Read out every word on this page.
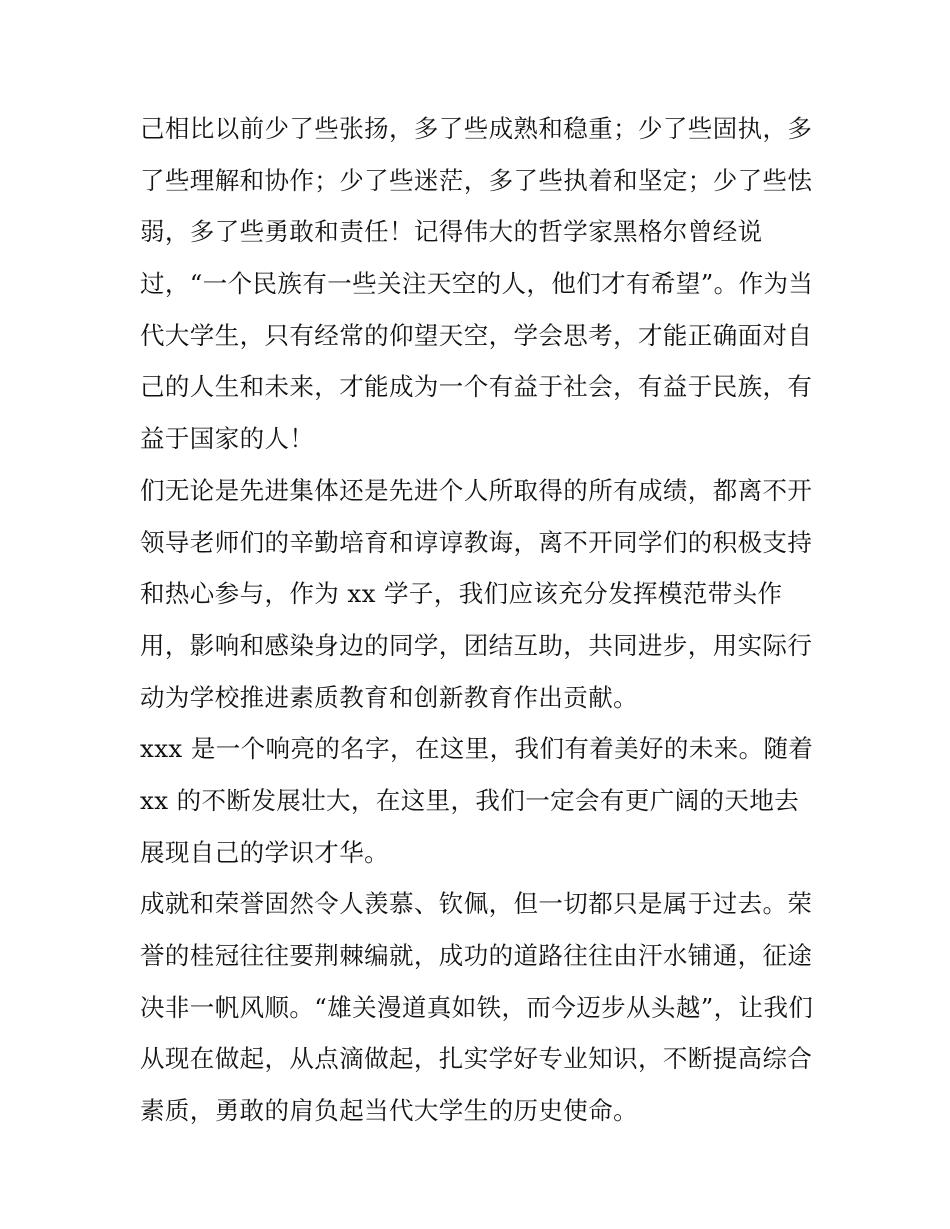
己相比以前少了些张扬，多了些成熟和稳重；少了些固执，多
了些理解和协作；少了些迷茫，多了些执着和坚定；少了些怯
弱，多了些勇敢和责任！记得伟大的哲学家黑格尔曾经说
过，“一个民族有一些关注天空的人，他们才有希望”。作为当
代大学生，只有经常的仰望天空，学会思考，才能正确面对自
己的人生和未来，才能成为一个有益于社会，有益于民族，有
益于国家的人！
们无论是先进集体还是先进个人所取得的所有成绩，都离不开
领导老师们的辛勤培育和谆谆教诲，离不开同学们的积极支持
和热心参与，作为 xx 学子，我们应该充分发挥模范带头作
用，影响和感染身边的同学，团结互助，共同进步，用实际行
动为学校推进素质教育和创新教育作出贡献。
xxx 是一个响亮的名字，在这里，我们有着美好的未来。随着
xx 的不断发展壮大，在这里，我们一定会有更广阔的天地去
展现自己的学识才华。
成就和荣誉固然令人羡慕、钦佩，但一切都只是属于过去。荣
誉的桂冠往往要荆棘编就，成功的道路往往由汗水铺通，征途
决非一帆风顺。“雄关漫道真如铁，而今迈步从头越”，让我们
从现在做起，从点滴做起，扎实学好专业知识，不断提高综合
素质，勇敢的肩负起当代大学生的历史使命。
